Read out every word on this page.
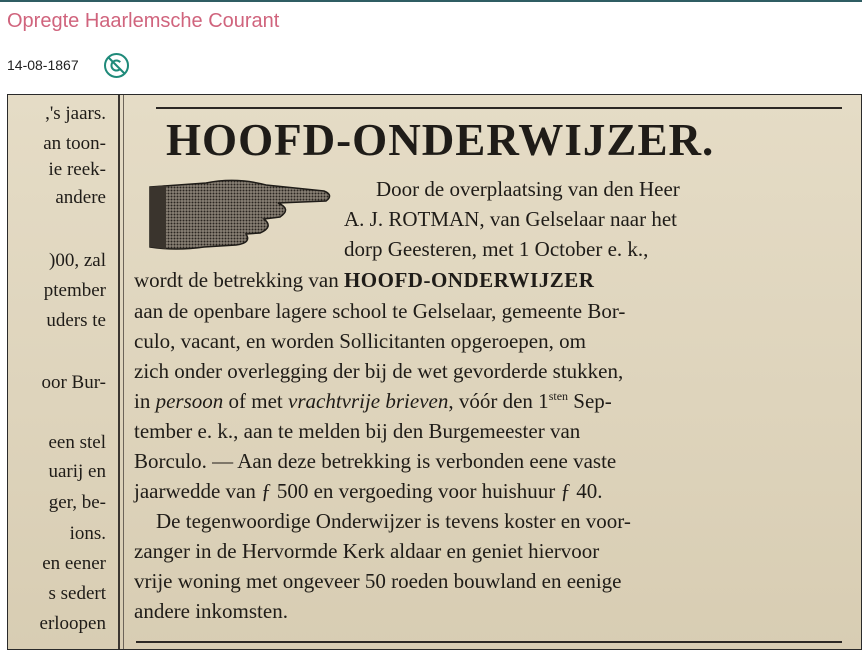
Opregte Haarlemsche Courant
14-08-1867
,'s jaars.
an toon-
ie reek-
andere
)00, zal
ptember
uders te
oor Bur-
een stel
uarij en
ger, be-
ions.
en eener
s sedert
erloopen
HOOFD-ONDERWIJZER.
Door de overplaatsing van den Heer
A. J. ROTMAN, van Gelselaar naar het
dorp Geesteren, met 1 October e. k.,
wordt de betrekking van HOOFD-ONDERWIJZER
aan de openbare lagere school te Gelselaar, gemeente Bor-
culo, vacant, en worden Sollicitanten opgeroepen, om
zich onder overlegging der bij de wet gevorderde stukken,
in persoon of met vrachtvrije brieven, vóór den $1^{sten}$ Sep-
tember e. k., aan te melden bij den Burgemeester van
Borculo. — Aan deze betrekking is verbonden eene vaste
jaarwedde van ƒ 500 en vergoeding voor huishuur ƒ 40.
De tegenwoordige Onderwijzer is tevens koster en voor-
zanger in de Hervormde Kerk aldaar en geniet hiervoor
vrije woning met ongeveer 50 roeden bouwland en eenige
andere inkomsten.
